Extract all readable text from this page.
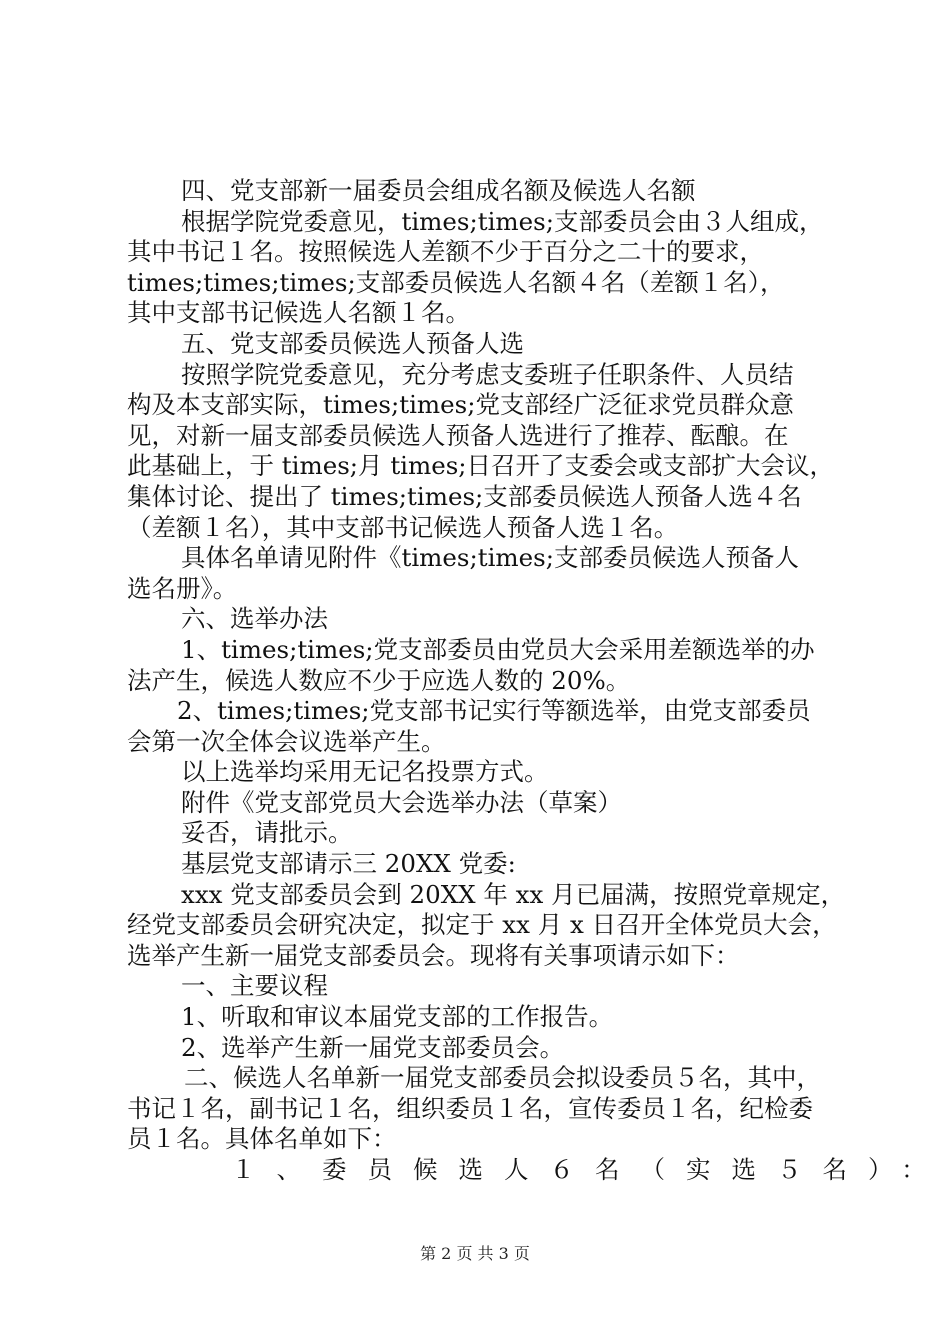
四、党支部新一届委员会组成名额及候选人名额
根据学院党委意见，times;times;支部委员会由３人组成，
其中书记１名。按照候选人差额不少于百分之二十的要求，
times;times;times;支部委员候选人名额４名（差额１名），
其中支部书记候选人名额１名。
五、党支部委员候选人预备人选
按照学院党委意见，充分考虑支委班子任职条件、人员结
构及本支部实际，times;times;党支部经广泛征求党员群众意
见，对新一届支部委员候选人预备人选进行了推荐、酝酿。在
此基础上，于 times;月 times;日召开了支委会或支部扩大会议，
集体讨论、提出了 times;times;支部委员候选人预备人选４名
（差额１名），其中支部书记候选人预备人选１名。
具体名单请见附件《times;times;支部委员候选人预备人
选名册》。
六、选举办法
1、times;times;党支部委员由党员大会采用差额选举的办
法产生，候选人数应不少于应选人数的 20%。
2、times;times;党支部书记实行等额选举，由党支部委员
会第一次全体会议选举产生。
以上选举均采用无记名投票方式。
附件《党支部党员大会选举办法（草案）
妥否，请批示。
基层党支部请示三 20XX 党委:
xxx 党支部委员会到 20XX 年 xx 月已届满，按照党章规定，
经党支部委员会研究决定，拟定于 xx 月 x 日召开全体党员大会，
选举产生新一届党支部委员会。现将有关事项请示如下：
一、主要议程
1、听取和审议本届党支部的工作报告。
2、选举产生新一届党支部委员会。
二、候选人名单新一届党支部委员会拟设委员５名，其中，
书记１名，副书记１名，组织委员１名，宣传委员１名，纪检委
员１名。具体名单如下：
１、委员候选人６名（实选５名）：
第 2 页 共 3 页
